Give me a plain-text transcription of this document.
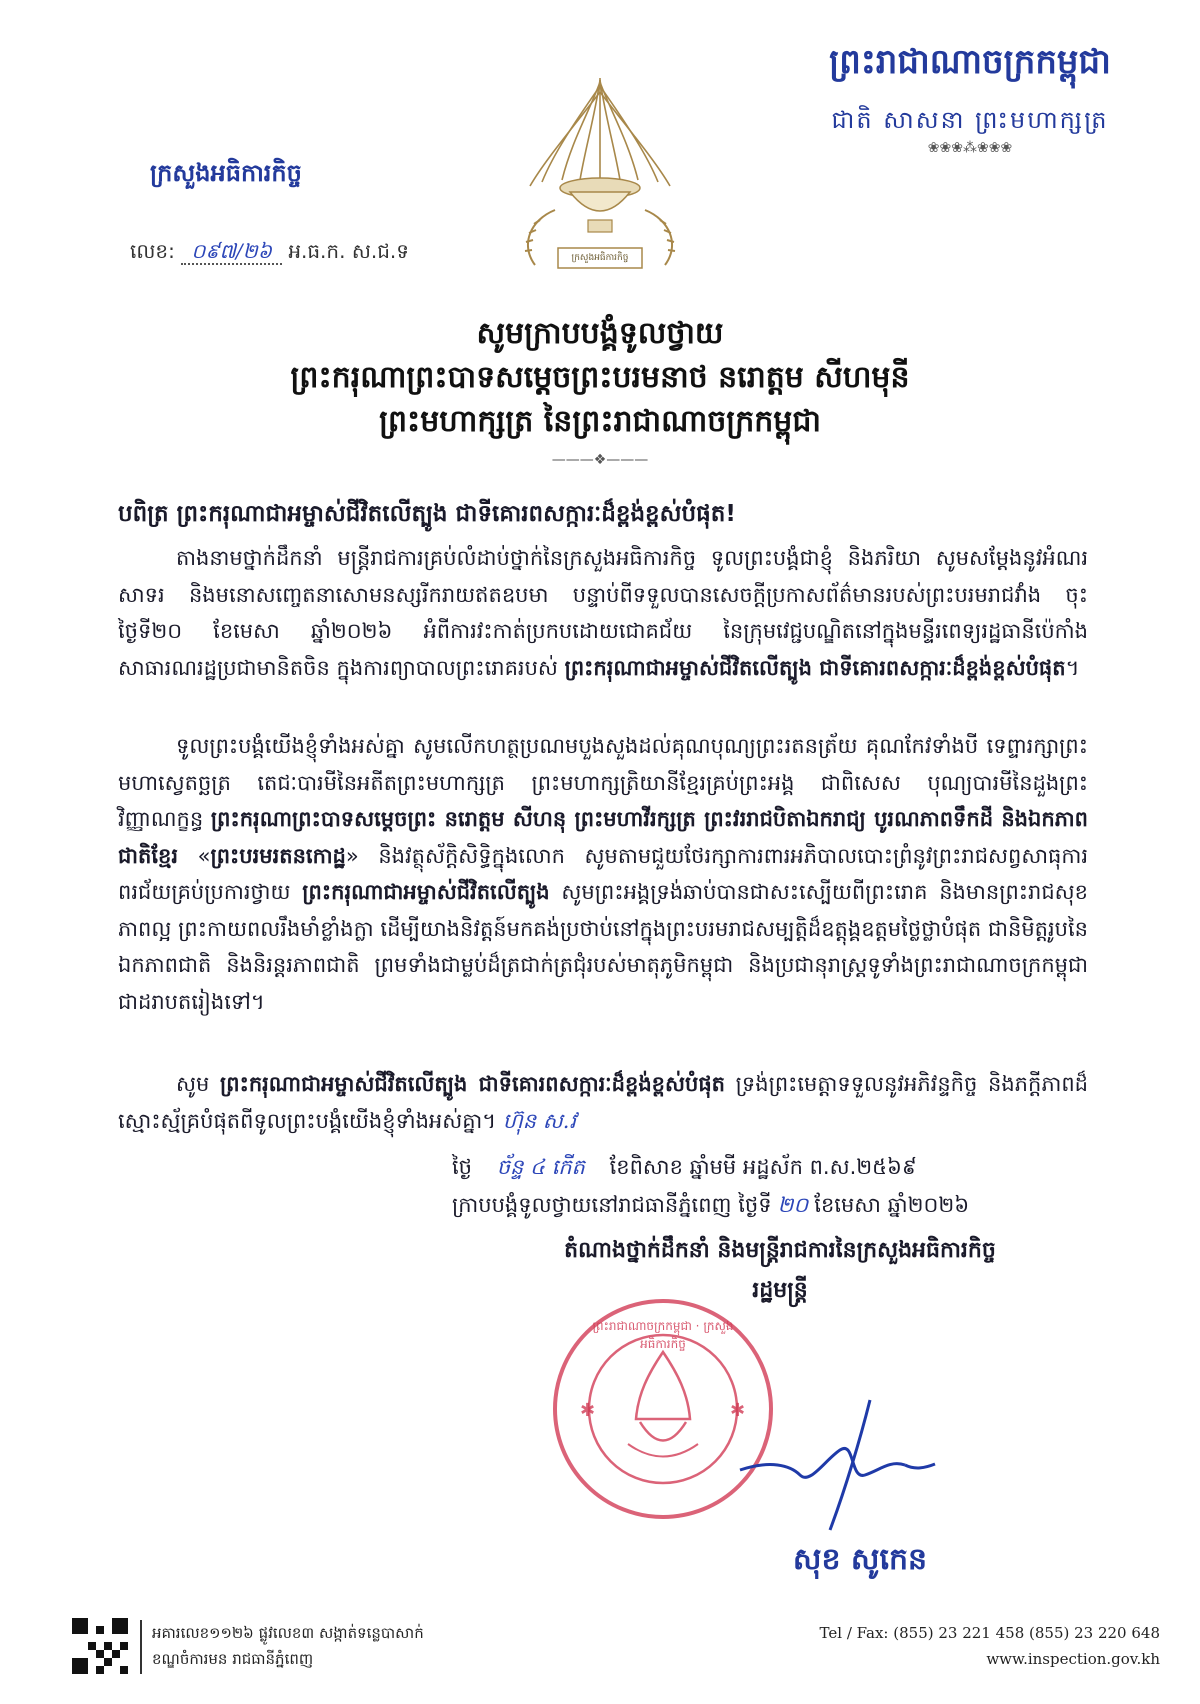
ព្រះរាជាណាចក្រកម្ពុជា
ជាតិ សាសនា ព្រះមហាក្សត្រ
❀❀❀⁂❀❀❀
ក្រសួងអធិការកិច្ច
លេខ: ០៩៧/២៦ អ.ធ.ក. ស.ជ.ទ	ក្រសួងអធិការកិច្ច
សូមក្រាបបង្គំទូលថ្វាយ
ព្រះករុណាព្រះបាទសម្តេចព្រះបរមនាថ នរោត្តម សីហមុនី
ព្រះមហាក្សត្រ នៃព្រះរាជាណាចក្រកម្ពុជា
———❖———
បពិត្រ ព្រះករុណាជាអម្ចាស់ជីវិតលើត្បូង ជាទីគោរពសក្ការៈដ៏ខ្ពង់ខ្ពស់បំផុត!
តាងនាមថ្នាក់ដឹកនាំ មន្ត្រីរាជការគ្រប់លំដាប់ថ្នាក់នៃក្រសួងអធិការកិច្ច ទូលព្រះបង្គំជាខ្ញុំ និងភរិយា សូមសម្តែងនូវអំណរសាទរ និងមនោសញ្ចេតនាសោមនស្សរីករាយឥតឧបមា បន្ទាប់ពីទទួលបានសេចក្តីប្រកាសព័ត៌មានរបស់ព្រះបរមរាជវាំង ចុះថ្ងៃទី២០ ខែមេសា ឆ្នាំ២០២៦ អំពីការវះកាត់ប្រកបដោយជោគជ័យ នៃក្រុមវេជ្ជបណ្ឌិតនៅក្នុងមន្ទីរពេទ្យរដ្ឋធានីប៉េកាំង សាធារណរដ្ឋប្រជាមានិតចិន ក្នុងការព្យាបាលព្រះរោគរបស់ ព្រះករុណាជាអម្ចាស់ជីវិតលើត្បូង ជាទីគោរពសក្ការៈដ៏ខ្ពង់ខ្ពស់បំផុត។
ទូលព្រះបង្គំយើងខ្ញុំទាំងអស់គ្នា សូមលើកហត្ថប្រណមបួងសួងដល់គុណបុណ្យព្រះរតនត្រ័យ គុណកែវទាំងបី ទេព្ទារក្សាព្រះមហាស្វេតច្ឆត្រ តេជៈបារមីនៃអតីតព្រះមហាក្សត្រ ព្រះមហាក្សត្រិយានីខ្មែរគ្រប់ព្រះអង្គ ជាពិសេស បុណ្យបារមីនៃដួងព្រះវិញ្ញាណក្ខន្ធ ព្រះករុណាព្រះបាទសម្តេចព្រះ នរោត្តម សីហនុ ព្រះមហាវីរក្សត្រ ព្រះវររាជបិតាឯករាជ្យ បូរណភាពទឹកដី និងឯកភាពជាតិខ្មែរ «ព្រះបរមរតនកោដ្ឋ» និងវត្ថុស័ក្តិសិទ្ធិក្នុងលោក សូមតាមជួយថែរក្សាការពារអភិបាលបោះព្រំនូវព្រះរាជសព្វសាធុការពរជ័យគ្រប់ប្រការថ្វាយ ព្រះករុណាជាអម្ចាស់ជីវិតលើត្បូង សូមព្រះអង្គទ្រង់ឆាប់បានជាសះស្បើយពីព្រះរោគ និងមានព្រះរាជសុខភាពល្អ ព្រះកាយពលរឹងមាំខ្លាំងក្លា ដើម្បីយាងនិវត្តន៍មកគង់ប្រថាប់នៅក្នុងព្រះបរមរាជសម្បត្តិដ៏ឧត្តុង្គឧត្តមថ្លៃថ្លាបំផុត ជានិមិត្តរូបនៃឯកភាពជាតិ និងនិរន្តរភាពជាតិ ព្រមទាំងជាម្លប់ដ៏ត្រជាក់ត្រជុំរបស់មាតុភូមិកម្ពុជា និងប្រជានុរាស្ត្រទូទាំងព្រះរាជាណាចក្រកម្ពុជា ជាដរាបតរៀងទៅ។
សូម ព្រះករុណាជាអម្ចាស់ជីវិតលើត្បូង ជាទីគោរពសក្ការៈដ៏ខ្ពង់ខ្ពស់បំផុត ទ្រង់ព្រះមេត្តាទទួលនូវអភិវន្ទកិច្ច និងភក្តីភាពដ៏ស្មោះស្ម័គ្របំផុតពីទូលព្រះបង្គំយើងខ្ញុំទាំងអស់គ្នា។ ហ៊ុន ស.វ
ថ្ងៃ ច័ន្ទ ៤ កើត ខែពិសាខ ឆ្នាំមមី អដ្ឋស័ក ព.ស.២៥៦៩
ក្រាបបង្គំទូលថ្វាយនៅរាជធានីភ្នំពេញ ថ្ងៃទី ២០ ខែមេសា ឆ្នាំ២០២៦
តំណាងថ្នាក់ដឹកនាំ និងមន្ត្រីរាជការនៃក្រសួងអធិការកិច្ច
រដ្ឋមន្ត្រី
✱	✱
ព្រះរាជាណាចក្រកម្ពុជា · ក្រសួងអធិការកិច្ច
សុខ សូកេន
អគារលេខ១១២៦ ផ្លូវលេខ៣ សង្កាត់ទន្លេបាសាក់
ខណ្ឌចំការមន រាជធានីភ្នំពេញ
Tel / Fax: (855) 23 221 458 (855) 23 220 648
www.inspection.gov.kh
